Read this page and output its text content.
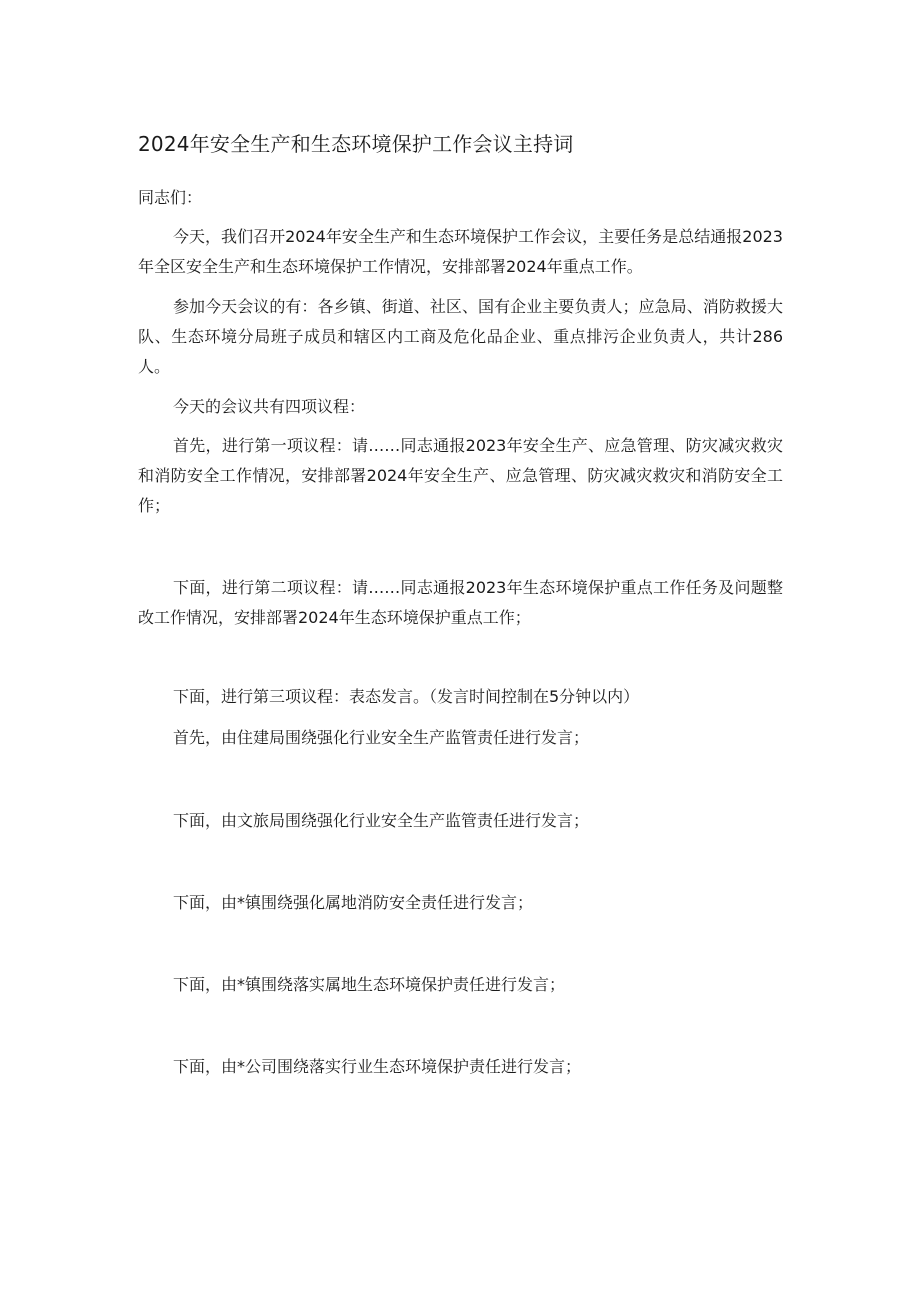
2024年安全生产和生态环境保护工作会议主持词
同志们：
今天，我们召开2024年安全生产和生态环境保护工作会议，主要任务是总结通报2023年全区安全生产和生态环境保护工作情况，安排部署2024年重点工作。
参加今天会议的有：各乡镇、街道、社区、国有企业主要负责人；应急局、消防救援大队、生态环境分局班子成员和辖区内工商及危化品企业、重点排污企业负责人，共计286人。
今天的会议共有四项议程：
首先，进行第一项议程：请……同志通报2023年安全生产、应急管理、防灾减灾救灾和消防安全工作情况，安排部署2024年安全生产、应急管理、防灾减灾救灾和消防安全工作；
下面，进行第二项议程：请……同志通报2023年生态环境保护重点工作任务及问题整改工作情况，安排部署2024年生态环境保护重点工作；
下面，进行第三项议程：表态发言。（发言时间控制在5分钟以内）
首先，由住建局围绕强化行业安全生产监管责任进行发言；
下面，由文旅局围绕强化行业安全生产监管责任进行发言；
下面，由*镇围绕强化属地消防安全责任进行发言；
下面，由*镇围绕落实属地生态环境保护责任进行发言；
下面，由*公司围绕落实行业生态环境保护责任进行发言；
